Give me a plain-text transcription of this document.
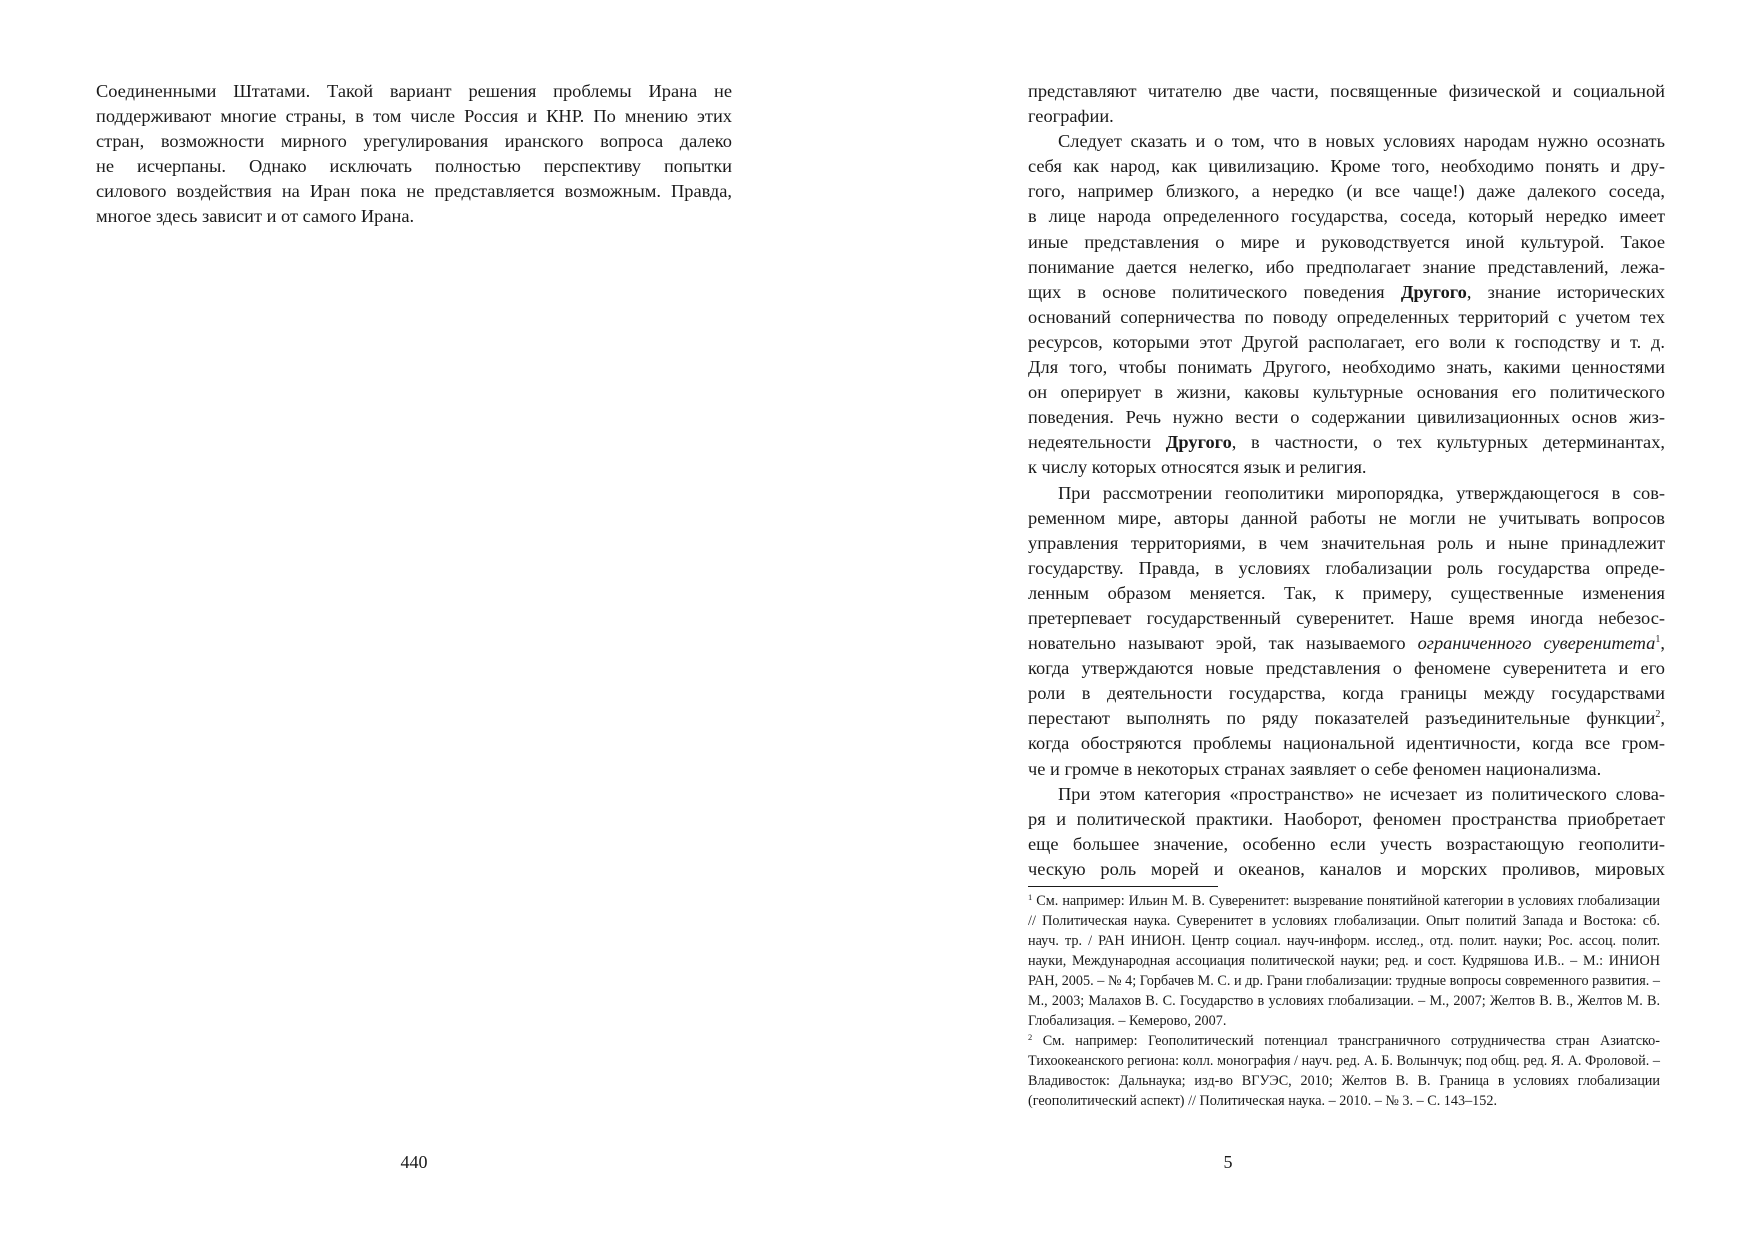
Соединенными Штатами. Такой вариант решения проблемы Ирана не
поддерживают многие страны, в том числе Россия и КНР. По мнению этих
стран, возможности мирного урегулирования иранского вопроса далеко
не исчерпаны. Однако исключать полностью перспективу попытки
силового воздействия на Иран пока не представляется возможным. Правда,
многое здесь зависит и от самого Ирана.
440
представляют читателю две части, посвященные физической и социальной
географии.
Следует сказать и о том, что в новых условиях народам нужно осознать
себя как народ, как цивилизацию. Кроме того, необходимо понять и дру-
гого, например близкого, а нередко (и все чаще!) даже далекого соседа,
в лице народа определенного государства, соседа, который нередко имеет
иные представления о мире и руководствуется иной культурой. Такое
понимание дается нелегко, ибо предполагает знание представлений, лежа-
щих в основе политического поведения Другого, знание исторических
оснований соперничества по поводу определенных территорий с учетом тех
ресурсов, которыми этот Другой располагает, его воли к господству и т. д.
Для того, чтобы понимать Другого, необходимо знать, какими ценностями
он оперирует в жизни, каковы культурные основания его политического
поведения. Речь нужно вести о содержании цивилизационных основ жиз-
недеятельности Другого, в частности, о тех культурных детерминантах,
к числу которых относятся язык и религия.
При рассмотрении геополитики миропорядка, утверждающегося в сов-
ременном мире, авторы данной работы не могли не учитывать вопросов
управления территориями, в чем значительная роль и ныне принадлежит
государству. Правда, в условиях глобализации роль государства опреде-
ленным образом меняется. Так, к примеру, существенные изменения
претерпевает государственный суверенитет. Наше время иногда небезос-
новательно называют эрой, так называемого ограниченного суверенитета$^1$,
когда утверждаются новые представления о феномене суверенитета и его
роли в деятельности государства, когда границы между государствами
перестают выполнять по ряду показателей разъединительные функции$^2$,
когда обостряются проблемы национальной идентичности, когда все гром-
че и громче в некоторых странах заявляет о себе феномен национализма.
При этом категория «пространство» не исчезает из политического слова-
ря и политической практики. Наоборот, феномен пространства приобретает
еще большее значение, особенно если учесть возрастающую геополити-
ческую роль морей и океанов, каналов и морских проливов, мировых

$^1$ См. например: Ильин М. В. Суверенитет: вызревание понятийной категории в условиях глобализации // Политическая наука. Суверенитет в условиях глобализации. Опыт политий Запада и Востока: сб. науч. тр. / РАН ИНИОН. Центр социал. науч-информ. исслед., отд. полит. науки; Рос. ассоц. полит. науки, Международная ассоциация политической науки; ред. и сост. Кудряшова И.В.. – М.: ИНИОН РАН, 2005. – № 4; Горбачев М. С. и др. Грани глобализации: трудные вопросы современного развития. – М., 2003; Малахов В. С. Государство в условиях глобализации. – М., 2007; Желтов В. В., Желтов М. В. Глобализация. – Кемерово, 2007.

$^2$ См. например: Геополитический потенциал трансграничного сотрудничества стран Азиатско-Тихоокеанского региона: колл. монография / науч. ред. А. Б. Волынчук; под общ. ред. Я. А. Фроловой. – Владивосток: Дальнаука; изд-во ВГУЭС, 2010; Желтов В. В. Граница в условиях глобализации (геополитический аспект) // Политическая наука. – 2010. – № 3. – С. 143–152.

5
